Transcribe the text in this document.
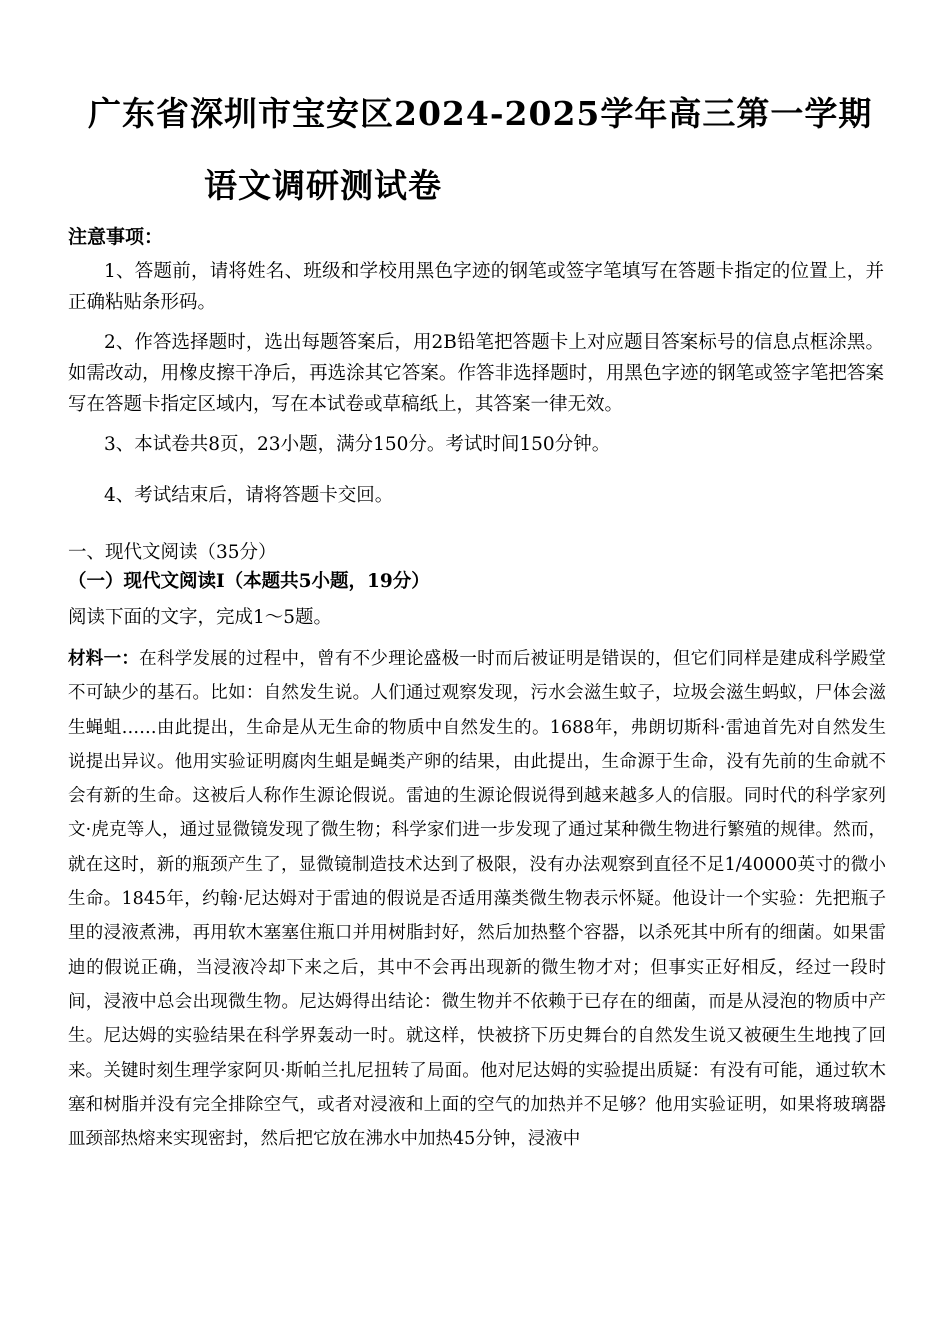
广东省深圳市宝安区2024-2025学年高三第一学期
语文调研测试卷
注意事项：

1、答题前，请将姓名、班级和学校用黑色字迹的钢笔或签字笔填写在答题卡指定的位置上，并正确粘贴条形码。

2、作答选择题时，选出每题答案后，用2B铅笔把答题卡上对应题目答案标号的信息点框涂黑。如需改动，用橡皮擦干净后，再选涂其它答案。作答非选择题时，用黑色字迹的钢笔或签字笔把答案写在答题卡指定区域内，写在本试卷或草稿纸上，其答案一律无效。

3、本试卷共8页，23小题，满分150分。考试时间150分钟。

4、考试结束后，请将答题卡交回。

一、现代文阅读（35分）
（一）现代文阅读Ⅰ（本题共5小题，19分）
阅读下面的文字，完成1～5题。
材料一：在科学发展的过程中，曾有不少理论盛极一时而后被证明是错误的，但它们同样是建成科学殿堂不可缺少的基石。比如：自然发生说。人们通过观察发现，污水会滋生蚊子，垃圾会滋生蚂蚁，尸体会滋生蝇蛆……由此提出，生命是从无生命的物质中自然发生的。1688年，弗朗切斯科·雷迪首先对自然发生说提出异议。他用实验证明腐肉生蛆是蝇类产卵的结果，由此提出，生命源于生命，没有先前的生命就不会有新的生命。这被后人称作生源论假说。雷迪的生源论假说得到越来越多人的信服。同时代的科学家列文·虎克等人，通过显微镜发现了微生物；科学家们进一步发现了通过某种微生物进行繁殖的规律。然而，就在这时，新的瓶颈产生了，显微镜制造技术达到了极限，没有办法观察到直径不足1/40000英寸的微小生命。1845年，约翰·尼达姆对于雷迪的假说是否适用藻类微生物表示怀疑。他设计一个实验：先把瓶子里的浸液煮沸，再用软木塞塞住瓶口并用树脂封好，然后加热整个容器，以杀死其中所有的细菌。如果雷迪的假说正确，当浸液冷却下来之后，其中不会再出现新的微生物才对；但事实正好相反，经过一段时间，浸液中总会出现微生物。尼达姆得出结论：微生物并不依赖于已存在的细菌，而是从浸泡的物质中产生。尼达姆的实验结果在科学界轰动一时。就这样，快被挤下历史舞台的自然发生说又被硬生生地拽了回来。关键时刻生理学家阿贝·斯帕兰扎尼扭转了局面。他对尼达姆的实验提出质疑：有没有可能，通过软木塞和树脂并没有完全排除空气，或者对浸液和上面的空气的加热并不足够？他用实验证明，如果将玻璃器皿颈部热熔来实现密封，然后把它放在沸水中加热45分钟，浸液中
